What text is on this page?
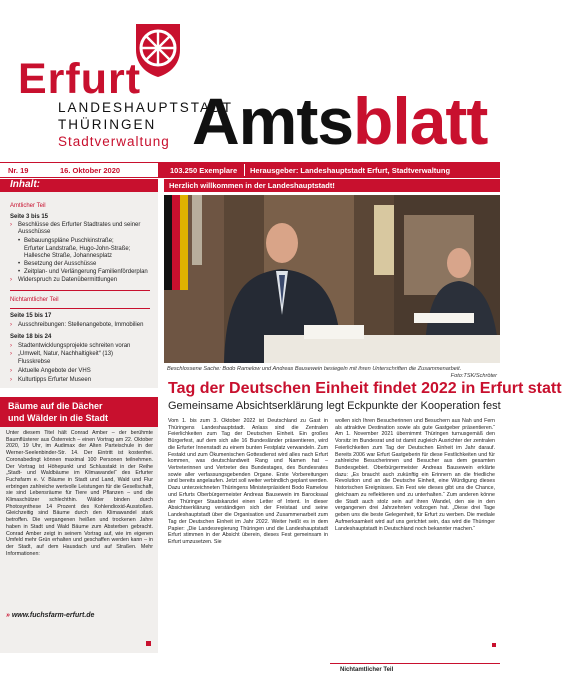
Erfurt
LANDESHAUPTSTADT
THÜRINGEN
Stadtverwaltung Amtsblatt
103.250 Exemplare Herausgeber: Landeshauptstadt Erfurt, Stadtverwaltung
Nr. 19	16. Oktober 2020
Inhalt:
Amtlicher Teil
Seite 3 bis 15
› Beschlüsse des Erfurter Stadtrates und seiner Ausschüsse
• Bebauungspläne Puschkinstraße;
Erfurter Landstraße, Hugo-John-Straße;
Hallesche Straße, Johannesplatz
• Besetzung der Ausschüsse
• Zeitplan- und Verlängerung Familienförderplan
› Widerspruch zu Datenübermittlungen
Nichtamtlicher Teil
Seite 15 bis 17
› Ausschreibungen: Stellenangebote, Immobilien
Seite 18 bis 24
› Stadtentwicklungsprojekte schreiten voran
› „Umwelt, Natur, Nachhaltigkeit“ (13)
Flusskrebse
› Aktuelle Angebote der VHS
› Kulturtipps Erfurter Museen
Bäume auf die Dächer
und Wälder in die Stadt
Unter diesem Titel hält Conrad Amber – der berühmte Baumflüsterer aus Österreich – einen Vortrag am 22. Oktober 2020, 19 Uhr, im Audimax der Alten Parteischule in der Werner-Seelenbinder-Str. 14. Der Eintritt ist kostenfrei. Coronabedingt können maximal 100 Personen teilnehmen. Der Vortrag ist Höhepunkt und Schlusstakt in der Reihe „Stadt- und Waldbäume im Klimawandel“ des Erfurter Fuchsfarm e. V. Bäume in Stadt und Land, Wald und Flur erbringen zahlreiche wertvolle Leistungen für die Gesellschaft, sie sind Lebensräume für Tiere und Pflanzen – und die Klimaschützer schlechthin. Wälder binden durch Photosynthese 14 Prozent des Kohlendioxid-Ausstoßes. Gleichzeitig sind Bäume durch den Klimawandel stark betroffen. Die vergangenen heißen und trockenen Jahre haben in Stadt und Wald Bäume zum Absterben gebracht. Conrad Amber zeigt in seinem Vortrag auf, wie im eigenen Umfeld mehr Grün erhalten und geschaffen werden kann – in der Stadt, auf dem Hausdach und auf Straßen. Mehr Informationen:
» www.fuchsfarm-erfurt.de
Herzlich willkommen in der Landeshauptstadt!
Beschlossene Sache: Bodo Ramelow und Andreas Bausewein besiegeln mit ihren Unterschriften die Zusammenarbeit.
Foto:TSK/Schröter
Tag der Deutschen Einheit findet 2022 in Erfurt statt
Gemeinsame Absichtserklärung legt Eckpunkte der Kooperation fest
Vom 1. bis zum 3. Oktober 2022 ist Deutschland zu Gast in Thüringens Landeshauptstadt. Anlass sind die Zentralen Feierlichkeiten zum Tag der Deutschen Einheit. Ein großes Bürgerfest, auf dem sich alle 16 Bundesländer präsentieren, wird die Erfurter Innenstadt zu einem bunten Festplatz verwandeln. Zum Festakt und zum Ökumenischen Gottesdienst wird alles nach Erfurt kommen, was deutschlandweit Rang und Namen hat – Vertreterinnen und Vertreter des Bundestages, des Bundesrates sowie aller verfassungsgebenden Organe. Erste Vorbereitungen sind bereits angelaufen. Jetzt soll weiter verbindlich geplant werden. Dazu unterzeichneten Thüringens Ministerpräsident Bodo Ramelow und Erfurts Oberbürgermeister Andreas Bausewein im Barocksaal der Thüringer Staatskanzlei einen Letter of Intent. In dieser Absichtserklärung verständigen sich der Freistaat und seine Landeshauptstadt über die Organisation und Zusammenarbeit zum Tag der Deutschen Einheit im Jahr 2022. Weiter heißt es in dem Papier: „Die Landesregierung Thüringen und die Landeshauptstadt Erfurt stimmen in der Absicht überein, dieses Fest gemeinsam in Erfurt umzusetzen. Sie
wollen sich Ihren Besucherinnen und Besuchern aus Nah und Fern als attraktive Destination sowie als gute Gastgeber präsentieren.“ Am 1. November 2021 übernimmt Thüringen turnusgemäß den Vorsitz im Bundesrat und ist damit zugleich Ausrichter der zentralen Feierlichkeiten zum Tag der Deutschen Einheit im Jahr darauf. Bereits 2006 war Erfurt Gastgeberin für diese Festlichkeiten und für zahlreiche Besucherinnen und Besucher aus dem gesamten Bundesgebiet. Oberbürgermeister Andreas Bausewein erklärte dazu: „Es braucht auch zukünftig ein Erinnern an die friedliche Revolution und an die Deutsche Einheit, eine Würdigung dieses historischen Ereignisses. Ein Fest wie dieses gibt uns die Chance, gleichsam zu reflektieren und zu unterhalten.“ Zum anderen könne die Stadt auch stolz sein auf ihren Wandel, den sie in den vergangenen drei Jahrzehnten vollzogen hat. „Diese drei Tage geben uns die beste Gelegenheit, für Erfurt zu werben. Die mediale Aufmerksamkeit wird auf uns gerichtet sein, das wird die Thüringer Landeshauptstadt in Deutschland noch bekannter machen.“
Nichtamtlicher Teil
